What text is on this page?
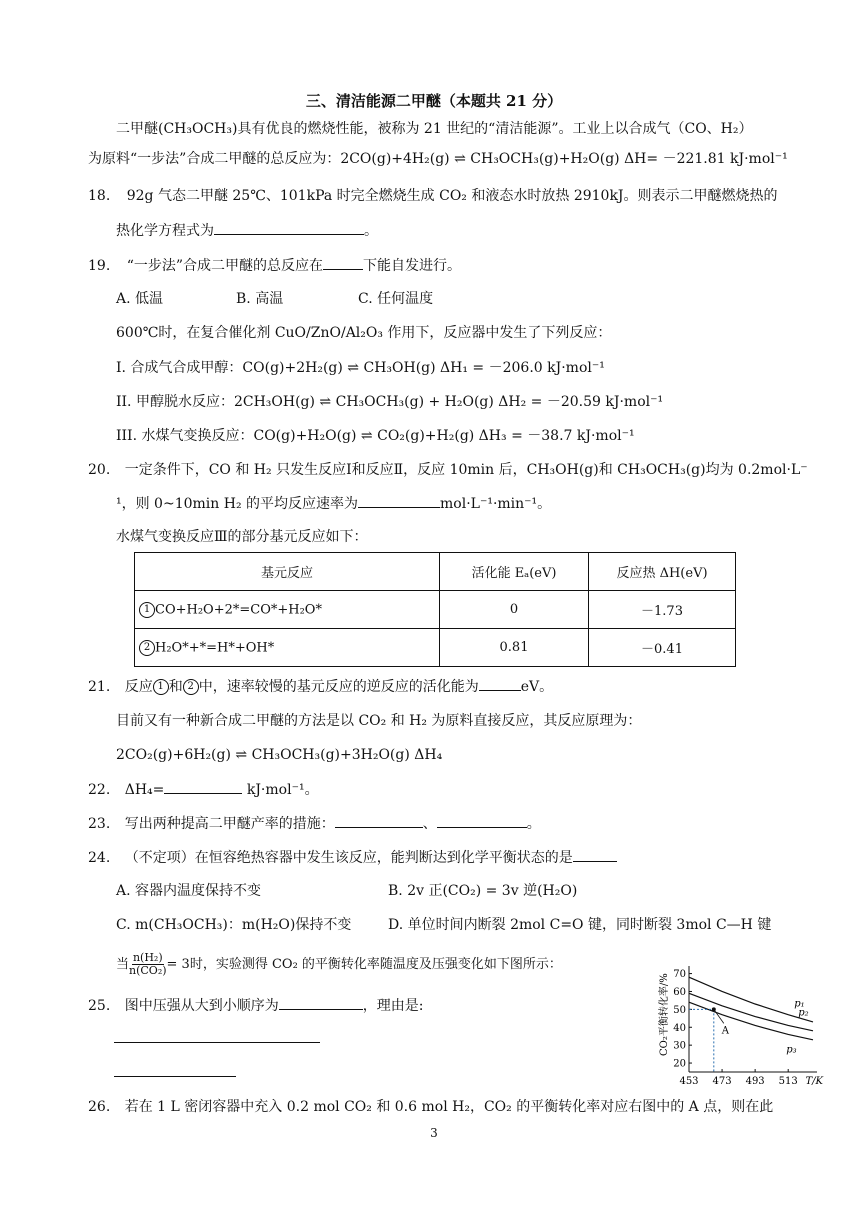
三、清洁能源二甲醚（本题共 21 分）
二甲醚(CH₃OCH₃)具有优良的燃烧性能，被称为 21 世纪的“清洁能源”。工业上以合成气（CO、H₂）
为原料“一步法”合成二甲醚的总反应为：2CO(g)+4H₂(g) ⇌ CH₃OCH₃(g)+H₂O(g) ΔH= －221.81 kJ·mol⁻¹
18. 92g 气态二甲醚 25℃、101kPa 时完全燃烧生成 CO₂ 和液态水时放热 2910kJ。则表示二甲醚燃烧热的
热化学方程式为	。
19. “一步法”合成二甲醚的总反应在	下能自发进行。
A. 低温	B. 高温	C. 任何温度
600℃时，在复合催化剂 CuO/ZnO/Al₂O₃ 作用下，反应器中发生了下列反应：
I. 合成气合成甲醇：CO(g)+2H₂(g) ⇌ CH₃OH(g) ΔH₁ = －206.0 kJ·mol⁻¹
II. 甲醇脱水反应：2CH₃OH(g) ⇌ CH₃OCH₃(g) + H₂O(g) ΔH₂ = －20.59 kJ·mol⁻¹
III. 水煤气变换反应：CO(g)+H₂O(g) ⇌ CO₂(g)+H₂(g) ΔH₃ = －38.7 kJ·mol⁻¹
20. 一定条件下，CO 和 H₂ 只发生反应Ⅰ和反应Ⅱ，反应 10min 后，CH₃OH(g)和 CH₃OCH₃(g)均为 0.2mol·L⁻
¹，则 0~10min H₂ 的平均反应速率为	mol·L⁻¹·min⁻¹。
水煤气变换反应Ⅲ的部分基元反应如下：
基元反应	活化能 Eₐ(eV)	反应热 ΔH(eV)
1 CO+H₂O+2*=CO*+H₂O*	0	－1.73
2 H₂O*+*=H*+OH*	0.81	－0.41
21. 反应 1 和 2 中，速率较慢的基元反应的逆反应的活化能为	eV。
目前又有一种新合成二甲醚的方法是以 CO₂ 和 H₂ 为原料直接反应，其反应原理为：
2CO₂(g)+6H₂(g) ⇌ CH₃OCH₃(g)+3H₂O(g) ΔH₄
22. ΔH₄=	kJ·mol⁻¹。
23. 写出两种提高二甲醚产率的措施：	、	。
24. （不定项）在恒容绝热容器中发生该反应，能判断达到化学平衡状态的是
A. 容器内温度保持不变	B. 2v 正(CO₂) = 3v 逆(H₂O)
C. m(CH₃OCH₃)：m(H₂O)保持不变	D. 单位时间内断裂 2mol C=O 键，同时断裂 3mol C—H 键
当 $\frac{\text{n(H₂)}}{\text{n(CO₂)}} = 3$时，实验测得 CO₂ 的平衡转化率随温度及压强变化如下图所示：
25. 图中压强从大到小顺序为	，理由是:
26. 若在 1 L 密闭容器中充入 0.2 mol CO₂ 和 0.6 mol H₂，CO₂ 的平衡转化率对应右图中的 A 点，则在此
3
CO₂平衡转化率/%
20
30
40
50
60
70
453 473 493 513 T/K
p₁
p₂
p₃
A
